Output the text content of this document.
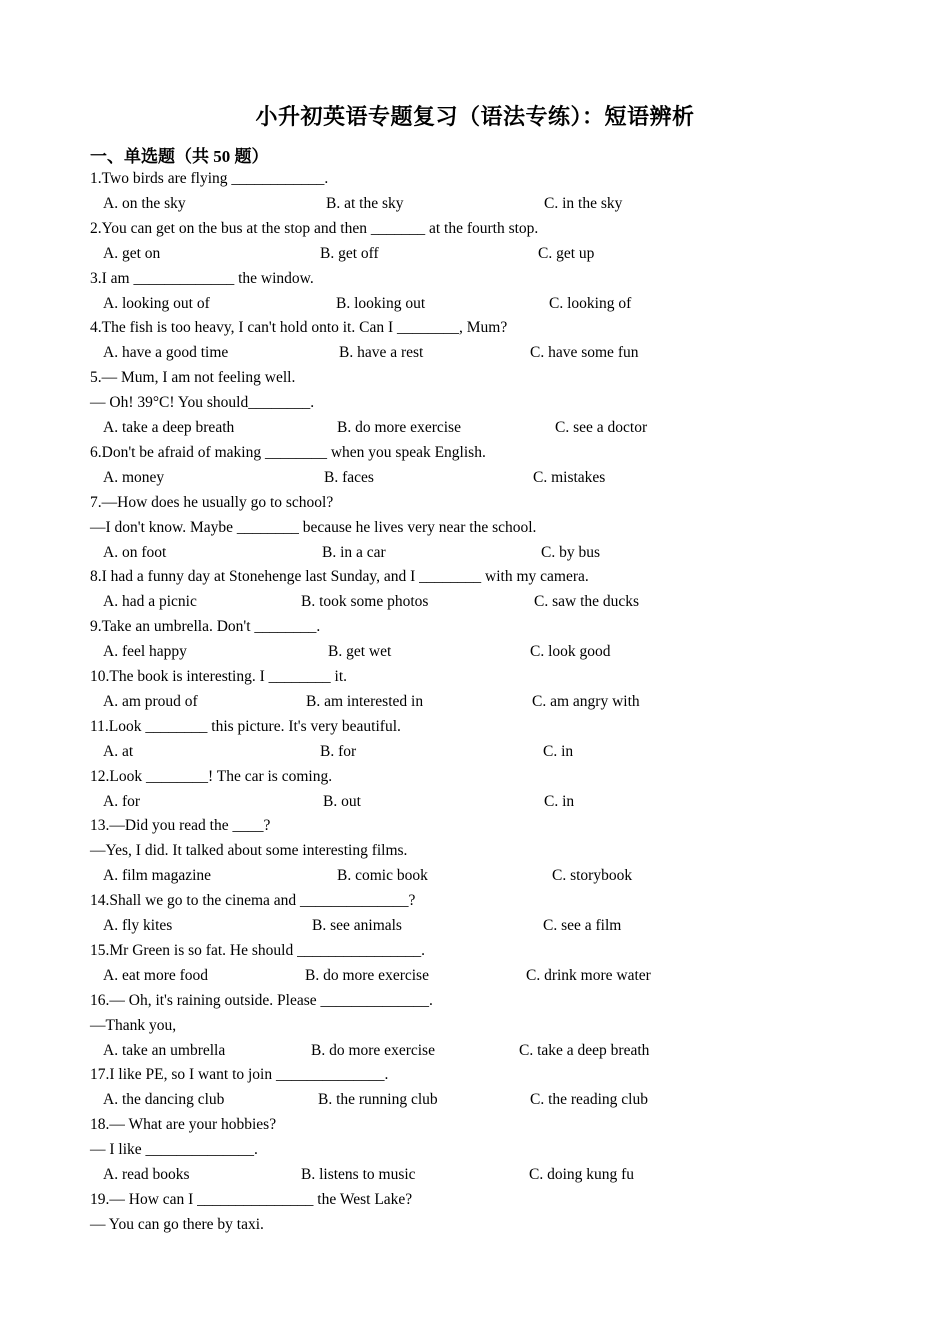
小升初英语专题复习（语法专练）：短语辨析
一、单选题（共 50 题）
1.Two birds are flying ____________.
A. on the sky	B. at the sky	C. in the sky
2.You can get on the bus at the stop and then _______ at the fourth stop.
A. get on	B. get off	C. get up
3.I am _____________ the window.
A. looking out of	B. looking out	C. looking of
4.The fish is too heavy, I can't hold onto it. Can I ________, Mum?
A. have a good time	B. have a rest	C. have some fun
5.— Mum, I am not feeling well.
— Oh! 39°C! You should________.
A. take a deep breath	B. do more exercise	C. see a doctor
6.Don't be afraid of making ________ when you speak English.
A. money	B. faces	C. mistakes
7.—How does he usually go to school?
—I don't know. Maybe ________ because he lives very near the school.
A. on foot	B. in a car	C. by bus
8.I had a funny day at Stonehenge last Sunday, and I ________ with my camera.
A. had a picnic	B. took some photos	C. saw the ducks
9.Take an umbrella. Don't ________.
A. feel happy	B. get wet	C. look good
10.The book is interesting. I ________ it.
A. am proud of	B. am interested in	C. am angry with
11.Look ________ this picture. It's very beautiful.
A. at	B. for	C. in
12.Look ________! The car is coming.
A. for	B. out	C. in
13.—Did you read the ____?
—Yes, I did. It talked about some interesting films.
A. film magazine	B. comic book	C. storybook
14.Shall we go to the cinema and ______________?
A. fly kites	B. see animals	C. see a film
15.Mr Green is so fat. He should ________________.
A. eat more food	B. do more exercise	C. drink more water
16.— Oh, it's raining outside. Please ______________.
—Thank you,
A. take an umbrella	B. do more exercise	C. take a deep breath
17.I like PE, so I want to join ______________.
A. the dancing club	B. the running club	C. the reading club
18.— What are your hobbies?
— I like ______________.
A. read books	B. listens to music	C. doing kung fu
19.— How can I _______________ the West Lake?
— You can go there by taxi.
